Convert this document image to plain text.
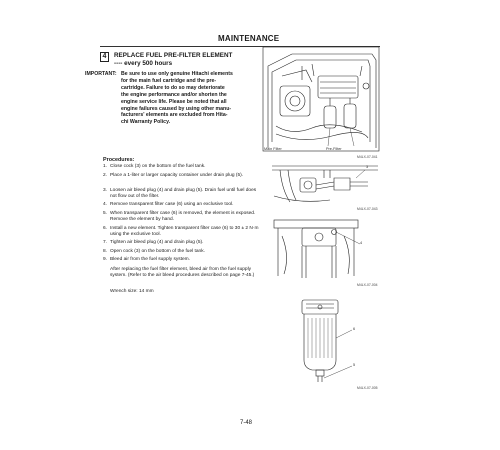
MAINTENANCE
4	REPLACE FUEL PRE-FILTER ELEMENT
---- every 500 hours
IMPORTANT: Be sure to use only genuine Hitachi elements
for the main fuel cartridge and the pre-
cartridge. Failure to do so may deteriorate
the engine performance and/or shorten the
engine service life. Please be noted that all
engine failures caused by using other manu-
facturers' elements are excluded from Hita-
chi Warranty Policy.
Procedures:
1. Close cock (3) on the bottom of the fuel tank.
2. Place a 1-liter or larger capacity container under drain plug (5).
3. Loosen air bleed plug (4) and drain plug (5). Drain fuel until fuel does not flow out of the filter.
4. Remove transparent filter case (6) using an exclusive tool.
5. When transparent filter case (6) is removed, the element is exposed. Remove the element by hand.
6. Install a new element. Tighten transparent filter case (6) to 30 ± 2 N·m using the exclusive tool.
7. Tighten air bleed plug (4) and drain plug (5).
8. Open cock (3) on the bottom of the fuel tank.
9. Bleed air from the fuel supply system.
After replacing the fuel filter element, bleed air from the fuel supply system. (Refer to the air bleed procedures described on page 7-45.)
Wrench size: 14 mm
Main Filter	Pre-Filter
M4LX-07-041
3
M4LX-07-043
4
M4LX-07-004
6
5
M4LX-07-005
7-48
